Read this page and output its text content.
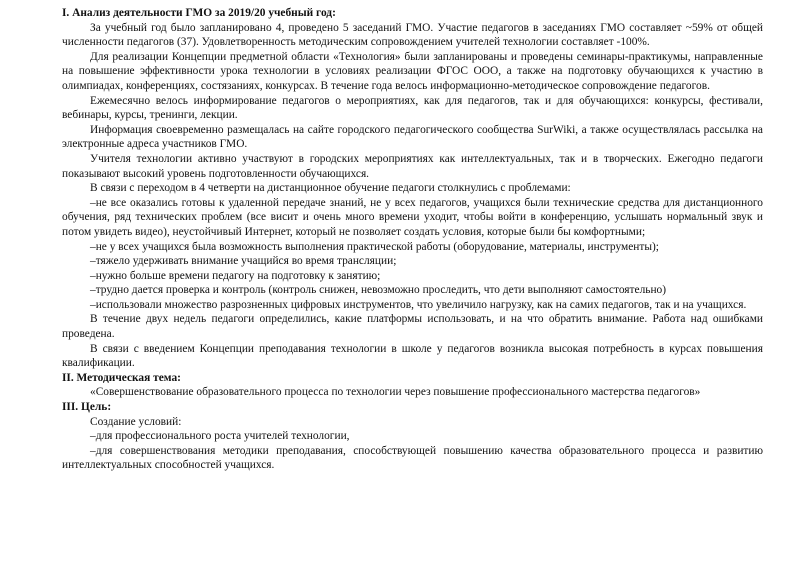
I. Анализ деятельности ГМО за 2019/20 учебный год:

За учебный год было запланировано 4, проведено 5 заседаний ГМО. Участие педагогов в заседаниях ГМО составляет ~59% от общей численности педагогов (37). Удовлетворенность методическим сопровождением учителей технологии составляет -100%.

Для реализации Концепции предметной области «Технология» были запланированы и проведены семинары-практикумы, направленные на повышение эффективности урока технологии в условиях реализации ФГОС ООО, а также на подготовку обучающихся к участию в олимпиадах, конференциях, состязаниях, конкурсах. В течение года велось информационно-методическое сопровождение педагогов.

Ежемесячно велось информирование педагогов о мероприятиях, как для педагогов, так и для обучающихся: конкурсы, фестивали, вебинары, курсы, тренинги, лекции.

Информация своевременно размещалась на сайте городского педагогического сообщества SurWiki, а также осуществлялась рассылка на электронные адреса участников ГМО.

Учителя технологии активно участвуют в городских мероприятиях как интеллектуальных, так и в творческих. Ежегодно педагоги показывают высокий уровень подготовленности обучающихся.

В связи с переходом в 4 четверти на дистанционное обучение педагоги столкнулись с проблемами:

–не все оказались готовы к удаленной передаче знаний, не у всех педагогов, учащихся были технические средства для дистанционного обучения, ряд технических проблем (все висит и очень много времени уходит, чтобы войти в конференцию, услышать нормальный звук и потом увидеть видео), неустойчивый Интернет, который не позволяет создать условия, которые были бы комфортными;

–не у всех учащихся была возможность выполнения практической работы (оборудование, материалы, инструменты);

–тяжело удерживать внимание учащийся во время трансляции;

–нужно больше времени педагогу на подготовку к занятию;

–трудно дается проверка и контроль (контроль снижен, невозможно проследить, что дети выполняют самостоятельно)

–использовали множество разрозненных цифровых инструментов, что увеличило нагрузку, как на самих педагогов, так и на учащихся.

В течение двух недель педагоги определились, какие платформы использовать, и на что обратить внимание. Работа над ошибками проведена.

В связи с введением Концепции преподавания технологии в школе у педагогов возникла высокая потребность в курсах повышения квалификации.

II. Методическая тема:

«Совершенствование образовательного процесса по технологии через повышение профессионального мастерства педагогов»

III. Цель:

Создание условий:

–для профессионального роста учителей технологии,

–для совершенствования методики преподавания, способствующей повышению качества образовательного процесса и развитию интеллектуальных способностей учащихся.
